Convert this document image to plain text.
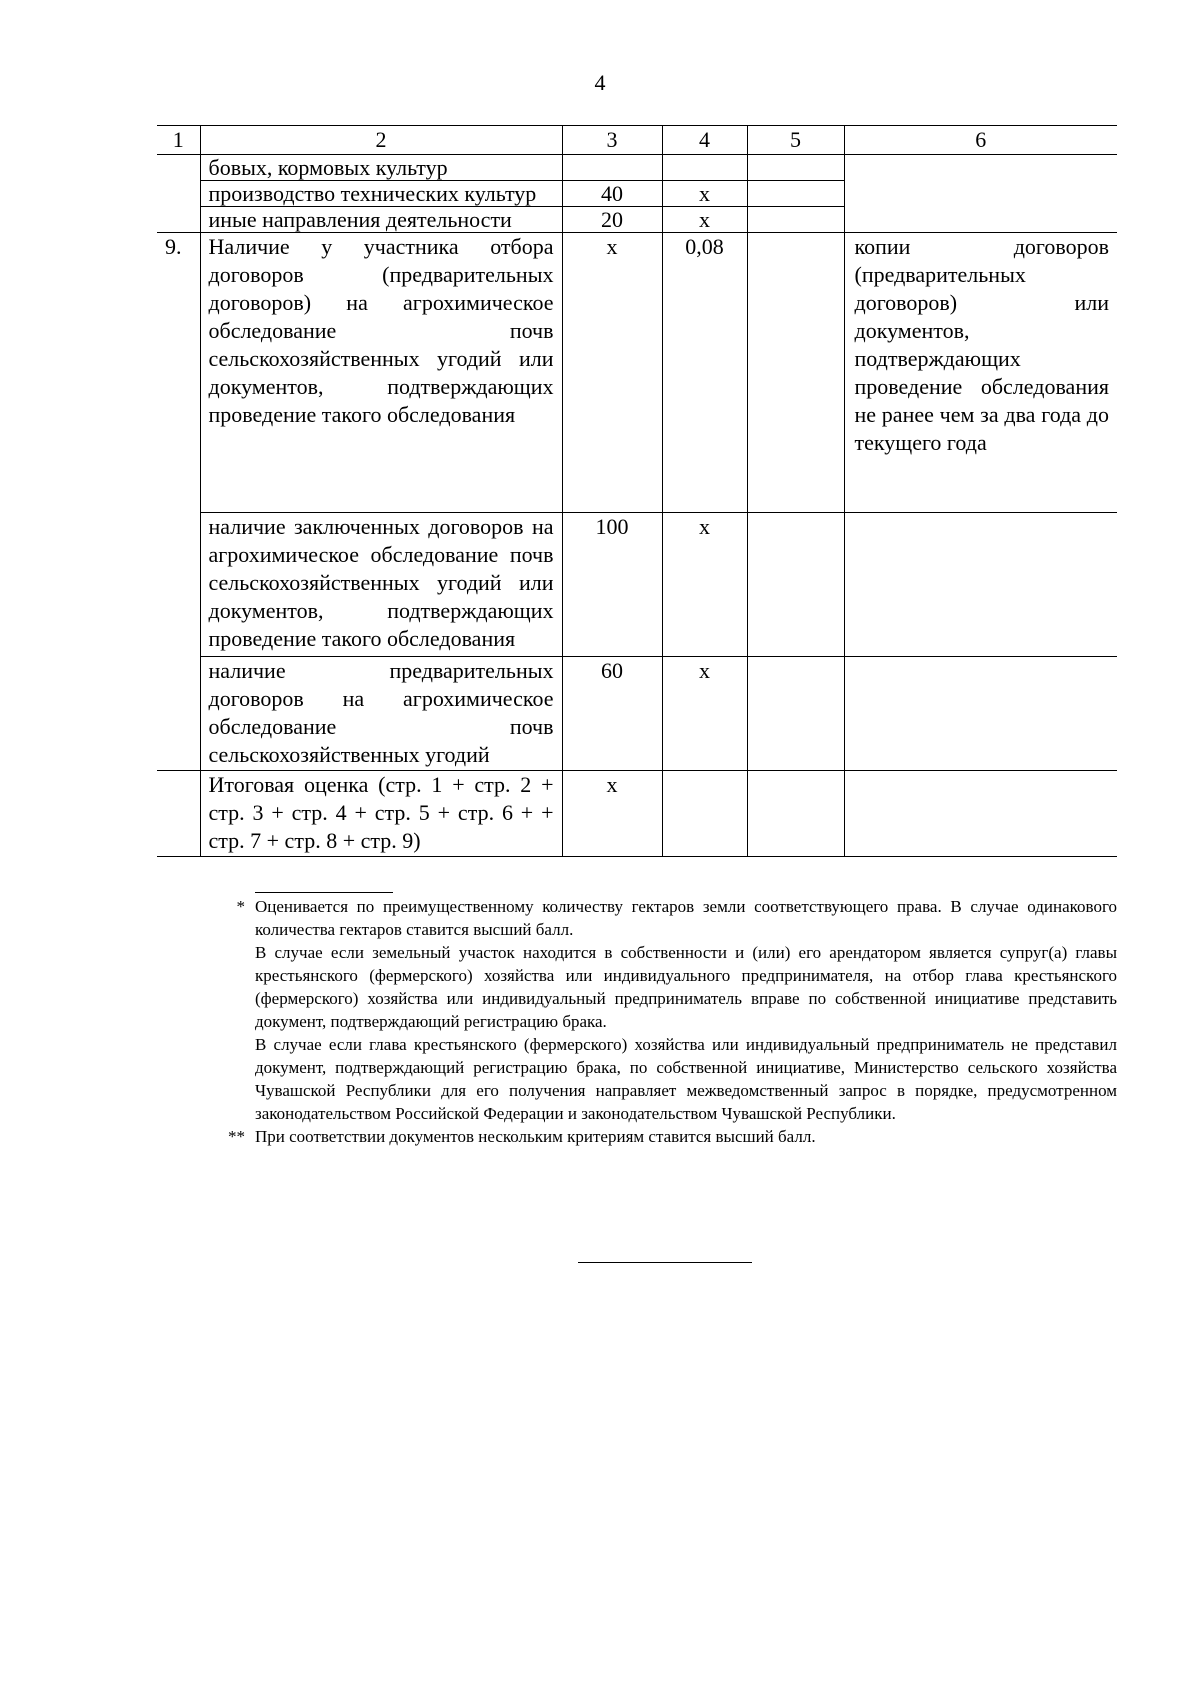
4
1	2	3	4	5	6
	бовых, кормовых культур				
	производство технических культур	40	х		
	иные направления деятельности	20	х		
9.	Наличие у участника отбора договоров (предварительных договоров) на агрохимическое обследование почв сельскохозяйственных угодий или документов, подтверждающих проведение такого обследования	х	0,08		копии договоров (предварительных договоров) или документов, подтверждающих проведение обследования не ранее чем за два года до текущего года
	наличие заключенных договоров на агрохимическое обследование почв сельскохозяйственных угодий или документов, подтверждающих проведение такого обследования	100	х		
	наличие предварительных договоров на агрохимическое обследование почв сельскохозяйственных угодий	60	х		
	Итоговая оценка (стр. 1 + стр. 2 + стр. 3 + стр. 4 + стр. 5 + стр. 6 + + стр. 7 + стр. 8 + стр. 9)	х			
* Оценивается по преимущественному количеству гектаров земли соответствующего права. В случае одинакового количества гектаров ставится высший балл.

В случае если земельный участок находится в собственности и (или) его арендатором является супруг(а) главы крестьянского (фермерского) хозяйства или индивидуального предпринимателя, на отбор глава крестьянского (фермерского) хозяйства или индивидуальный предприниматель вправе по собственной инициативе представить документ, подтверждающий регистрацию брака.

В случае если глава крестьянского (фермерского) хозяйства или индивидуальный предприниматель не представил документ, подтверждающий регистрацию брака, по собственной инициативе, Министерство сельского хозяйства Чувашской Республики для его получения направляет межведомственный запрос в порядке, предусмотренном законодательством Российской Федерации и законодательством Чувашской Республики.

** При соответствии документов нескольким критериям ставится высший балл.
